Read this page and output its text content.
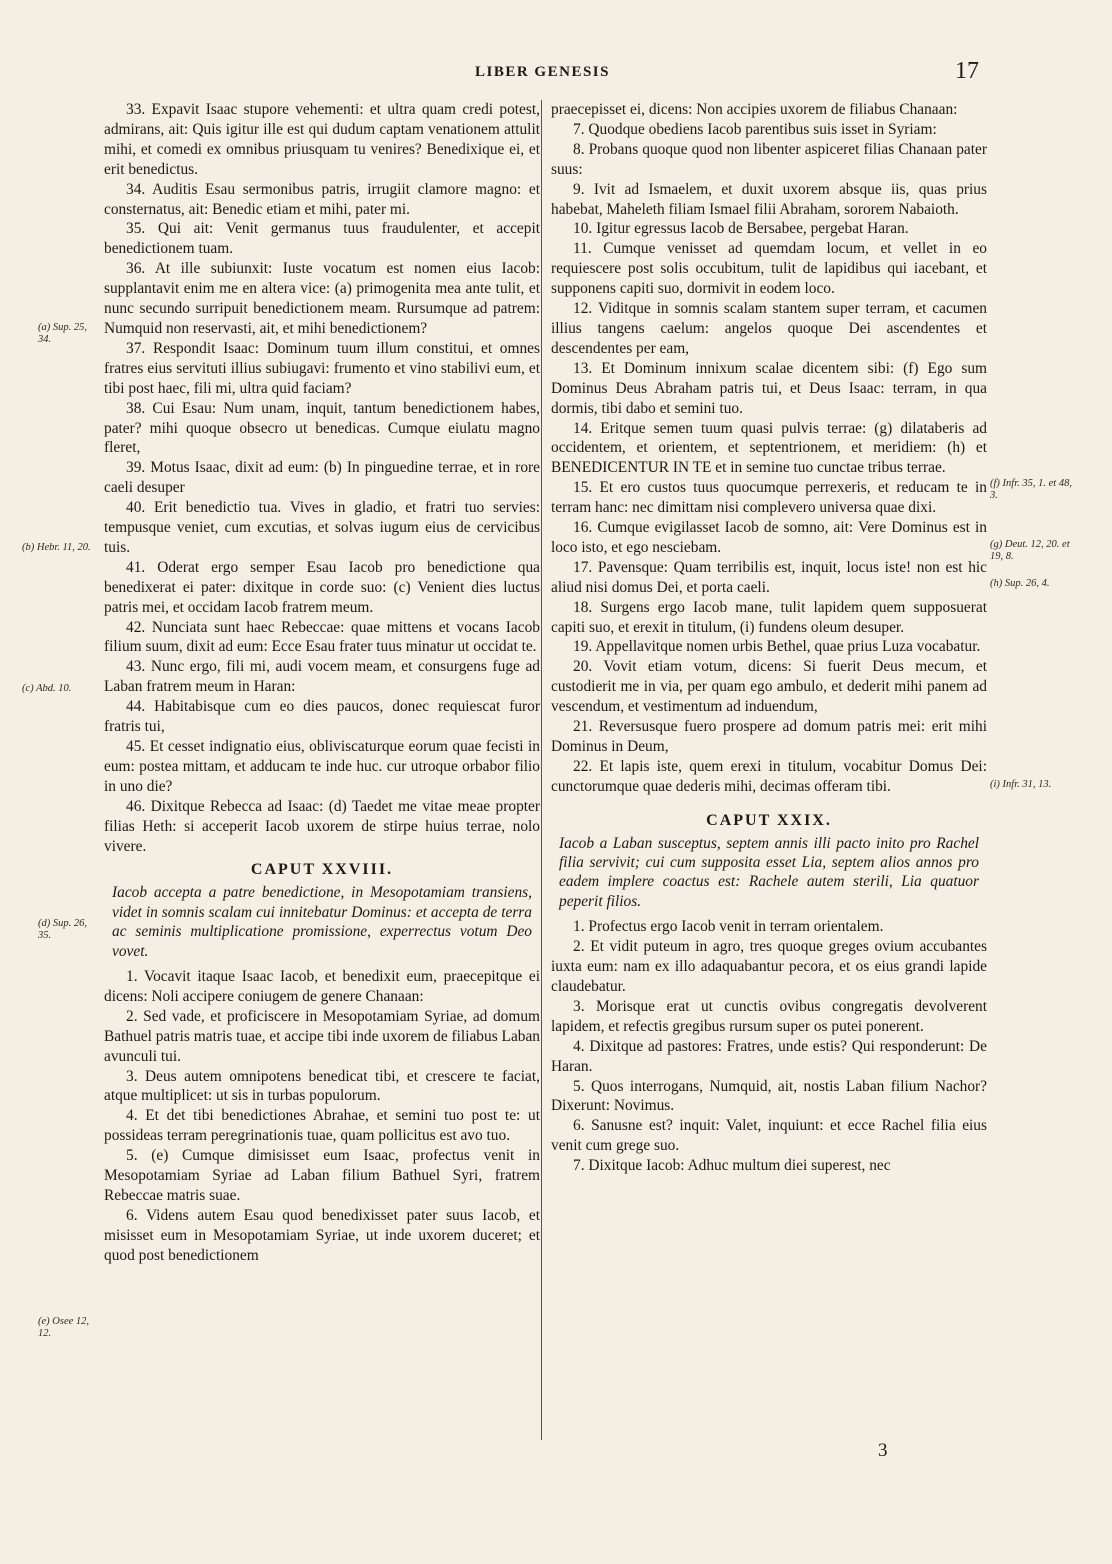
LIBER GENESIS	17

33. Expavit Isaac stupore vehementi: et ultra quam credi potest, admirans, ait: Quis igitur ille est qui dudum captam venationem attulit mihi, et comedi ex omnibus priusquam tu venires? Benedixique ei, et erit benedictus.

34. Auditis Esau sermonibus patris, irrugiit clamore magno: et consternatus, ait: Benedic etiam et mihi, pater mi.

35. Qui ait: Venit germanus tuus fraudulenter, et accepit benedictionem tuam.

36. At ille subiunxit: Iuste vocatum est nomen eius Iacob: supplantavit enim me en altera vice: (a) primogenita mea ante tulit, et nunc secundo surripuit benedictionem meam. Rursumque ad patrem: Numquid non reservasti, ait, et mihi benedictionem?

37. Respondit Isaac: Dominum tuum illum constitui, et omnes fratres eius servituti illius subiugavi: frumento et vino stabilivi eum, et tibi post haec, fili mi, ultra quid faciam?

38. Cui Esau: Num unam, inquit, tantum benedictionem habes, pater? mihi quoque obsecro ut benedicas. Cumque eiulatu magno fleret,

39. Motus Isaac, dixit ad eum: (b) In pinguedine terrae, et in rore caeli desuper

40. Erit benedictio tua. Vives in gladio, et fratri tuo servies: tempusque veniet, cum excutias, et solvas iugum eius de cervicibus tuis.

41. Oderat ergo semper Esau Iacob pro benedictione qua benedixerat ei pater: dixitque in corde suo: (c) Venient dies luctus patris mei, et occidam Iacob fratrem meum.

42. Nunciata sunt haec Rebeccae: quae mittens et vocans Iacob filium suum, dixit ad eum: Ecce Esau frater tuus minatur ut occidat te.

43. Nunc ergo, fili mi, audi vocem meam, et consurgens fuge ad Laban fratrem meum in Haran:

44. Habitabisque cum eo dies paucos, donec requiescat furor fratris tui,

45. Et cesset indignatio eius, obliviscaturque eorum quae fecisti in eum: postea mittam, et adducam te inde huc. cur utroque orbabor filio in uno die?

46. Dixitque Rebecca ad Isaac: (d) Taedet me vitae meae propter filias Heth: si acceperit Iacob uxorem de stirpe huius terrae, nolo vivere.

CAPUT XXVIII.

Iacob accepta a patre benedictione, in Mesopotamiam transiens, videt in somnis scalam cui innitebatur Dominus: et accepta de terra ac seminis multiplicatione promissione, experrectus votum Deo vovet.

1. Vocavit itaque Isaac Iacob, et benedixit eum, praecepitque ei dicens: Noli accipere coniugem de genere Chanaan:

2. Sed vade, et proficiscere in Mesopotamiam Syriae, ad domum Bathuel patris matris tuae, et accipe tibi inde uxorem de filiabus Laban avunculi tui.

3. Deus autem omnipotens benedicat tibi, et crescere te faciat, atque multiplicet: ut sis in turbas populorum.

4. Et det tibi benedictiones Abrahae, et semini tuo post te: ut possideas terram peregrinationis tuae, quam pollicitus est avo tuo.

5. (e) Cumque dimisisset eum Isaac, profectus venit in Mesopotamiam Syriae ad Laban filium Bathuel Syri, fratrem Rebeccae matris suae.

6. Videns autem Esau quod benedixisset pater suus Iacob, et misisset eum in Mesopotamiam Syriae, ut inde uxorem duceret; et quod post benedictionem

praecepisset ei, dicens: Non accipies uxorem de filiabus Chanaan:

7. Quodque obediens Iacob parentibus suis isset in Syriam:

8. Probans quoque quod non libenter aspiceret filias Chanaan pater suus:

9. Ivit ad Ismaelem, et duxit uxorem absque iis, quas prius habebat, Maheleth filiam Ismael filii Abraham, sororem Nabaioth.

10. Igitur egressus Iacob de Bersabee, pergebat Haran.

11. Cumque venisset ad quemdam locum, et vellet in eo requiescere post solis occubitum, tulit de lapidibus qui iacebant, et supponens capiti suo, dormivit in eodem loco.

12. Viditque in somnis scalam stantem super terram, et cacumen illius tangens caelum: angelos quoque Dei ascendentes et descendentes per eam,

13. Et Dominum innixum scalae dicentem sibi: (f) Ego sum Dominus Deus Abraham patris tui, et Deus Isaac: terram, in qua dormis, tibi dabo et semini tuo.

14. Eritque semen tuum quasi pulvis terrae: (g) dilataberis ad occidentem, et orientem, et septentrionem, et meridiem: (h) et BENEDICENTUR IN TE et in semine tuo cunctae tribus terrae.

15. Et ero custos tuus quocumque perrexeris, et reducam te in terram hanc: nec dimittam nisi complevero universa quae dixi.

16. Cumque evigilasset Iacob de somno, ait: Vere Dominus est in loco isto, et ego nesciebam.

17. Pavensque: Quam terribilis est, inquit, locus iste! non est hic aliud nisi domus Dei, et porta caeli.

18. Surgens ergo Iacob mane, tulit lapidem quem supposuerat capiti suo, et erexit in titulum, (i) fundens oleum desuper.

19. Appellavitque nomen urbis Bethel, quae prius Luza vocabatur.

20. Vovit etiam votum, dicens: Si fuerit Deus mecum, et custodierit me in via, per quam ego ambulo, et dederit mihi panem ad vescendum, et vestimentum ad induendum,

21. Reversusque fuero prospere ad domum patris mei: erit mihi Dominus in Deum,

22. Et lapis iste, quem erexi in titulum, vocabitur Domus Dei: cunctorumque quae dederis mihi, decimas offeram tibi.

CAPUT XXIX.

Iacob a Laban susceptus, septem annis illi pacto inito pro Rachel filia servivit; cui cum supposita esset Lia, septem alios annos pro eadem implere coactus est: Rachele autem sterili, Lia quatuor peperit filios.

1. Profectus ergo Iacob venit in terram orientalem.

2. Et vidit puteum in agro, tres quoque greges ovium accubantes iuxta eum: nam ex illo adaquabantur pecora, et os eius grandi lapide claudebatur.

3. Morisque erat ut cunctis ovibus congregatis devolverent lapidem, et refectis gregibus rursum super os putei ponerent.

4. Dixitque ad pastores: Fratres, unde estis? Qui responderunt: De Haran.

5. Quos interrogans, Numquid, ait, nostis Laban filium Nachor? Dixerunt: Novimus.

6. Sanusne est? inquit: Valet, inquiunt: et ecce Rachel filia eius venit cum grege suo.

7. Dixitque Iacob: Adhuc multum diei superest, nec

(a) Sup. 25, 34.
(b) Hebr. 11, 20.
(c) Abd. 10.
(d) Sup. 26, 35.
(e) Osee 12, 12.
(f) Infr. 35, 1. et 48, 3.
(g) Deut. 12, 20. et 19, 8.
(h) Sup. 26, 4.
(i) Infr. 31, 13.
3
